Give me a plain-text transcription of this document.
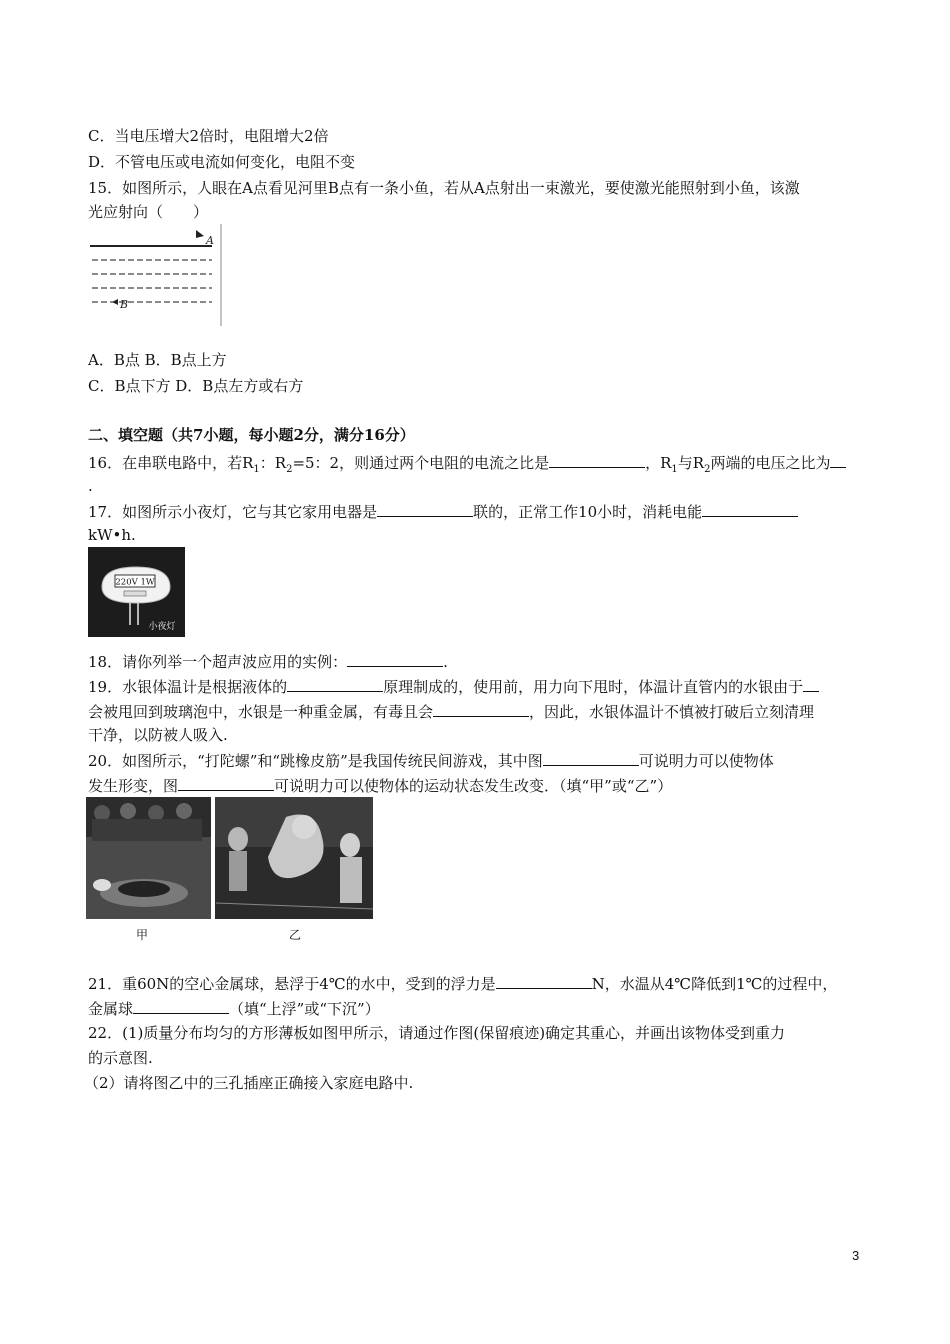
C．当电压增大2倍时，电阻增大2倍
D．不管电压或电流如何变化，电阻不变
15．如图所示，人眼在A点看见河里B点有一条小鱼，若从A点射出一束激光，要使激光能照射到小鱼，该激
光应射向（　　）
A
B
A．B点 B．B点上方
C．B点下方 D．B点左方或右方
二、填空题（共7小题，每小题2分，满分16分）
16．在串联电路中，若$R_1$：$R_2=5$：2，则通过两个电阻的电流之比是	，$R_1$与$R_2$两端的电压之比为
.
17．如图所示小夜灯，它与其它家用电器是	联的，正常工作10小时，消耗电能
kW•h.
220V 1W
小夜灯
18．请你列举一个超声波应用的实例：	.
19．水银体温计是根据液体的	原理制成的，使用前，用力向下甩时，体温计直管内的水银由于
会被甩回到玻璃泡中，水银是一种重金属，有毒且会	，因此，水银体温计不慎被打破后立刻清理
干净，以防被人吸入.
20．如图所示，“打陀螺”和“跳橡皮筋”是我国传统民间游戏，其中图	可说明力可以使物体
发生形变，图	可说明力可以使物体的运动状态发生改变．（填“甲”或“乙”）
甲	乙
21．重60N的空心金属球，悬浮于4℃的水中，受到的浮力是	N，水温从4℃降低到1℃的过程中，
金属球	（填“上浮”或“下沉”）
22．(1)质量分布均匀的方形薄板如图甲所示，请通过作图(保留痕迹)确定其重心，并画出该物体受到重力
的示意图.
（2）请将图乙中的三孔插座正确接入家庭电路中.
3
